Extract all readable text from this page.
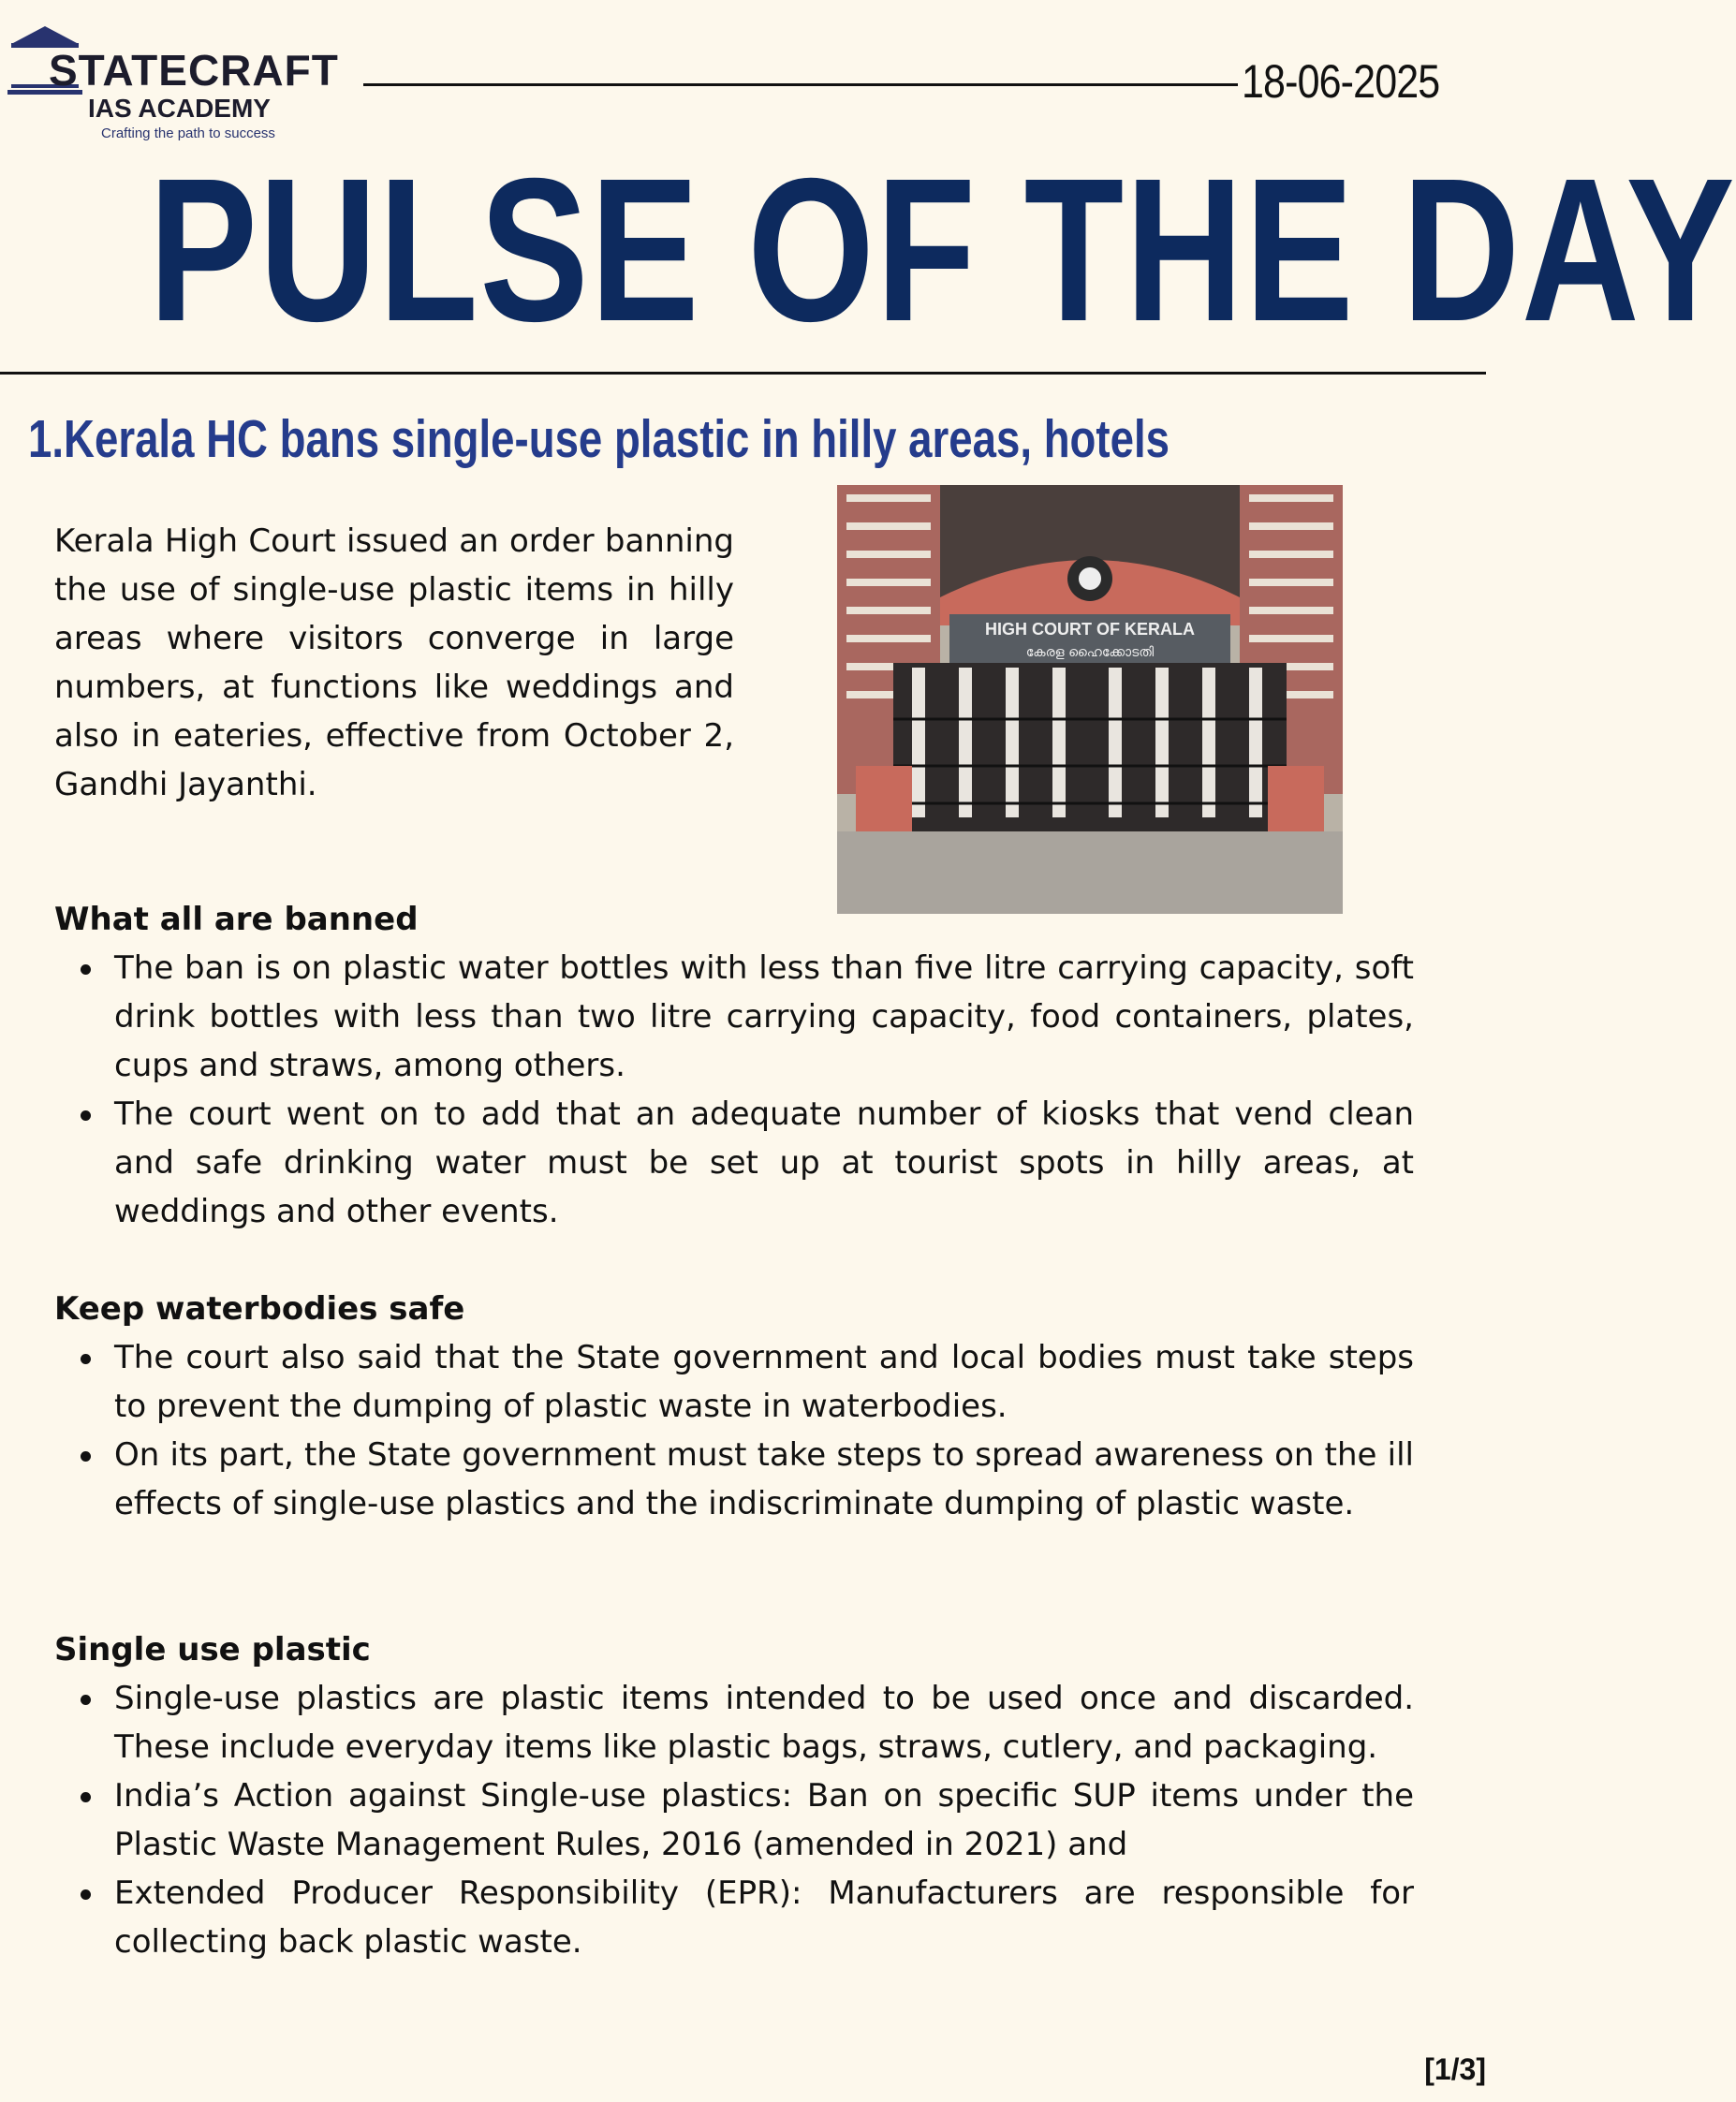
STATECRAFT
IAS ACADEMY
Crafting the path to success
18-06-2025
PULSE OF THE DAY
1.Kerala HC bans single-use plastic in hilly areas, hotels

Kerala High Court issued an order banning the use of single-use plastic items in hilly areas where visitors converge in large numbers, at functions like weddings and also in eateries, effective from October 2, Gandhi Jayanthi.

HIGH COURT OF KERALA
കേരള ഹൈക്കോടതി
What all are banned
The ban is on plastic water bottles with less than five litre carrying capacity, soft drink bottles with less than two litre carrying capacity, food containers, plates, cups and straws, among others.
The court went on to add that an adequate number of kiosks that vend clean and safe drinking water must be set up at tourist spots in hilly areas, at weddings and other events.
Keep waterbodies safe
The court also said that the State government and local bodies must take steps to prevent the dumping of plastic waste in waterbodies.
On its part, the State government must take steps to spread awareness on the ill effects of single-use plastics and the indiscriminate dumping of plastic waste.
Single use plastic
Single-use plastics are plastic items intended to be used once and discarded. These include everyday items like plastic bags, straws, cutlery, and packaging.
India’s Action against Single-use plastics: Ban on specific SUP items under the Plastic Waste Management Rules, 2016 (amended in 2021) and
Extended Producer Responsibility (EPR): Manufacturers are responsible for collecting back plastic waste.
[1/3]
